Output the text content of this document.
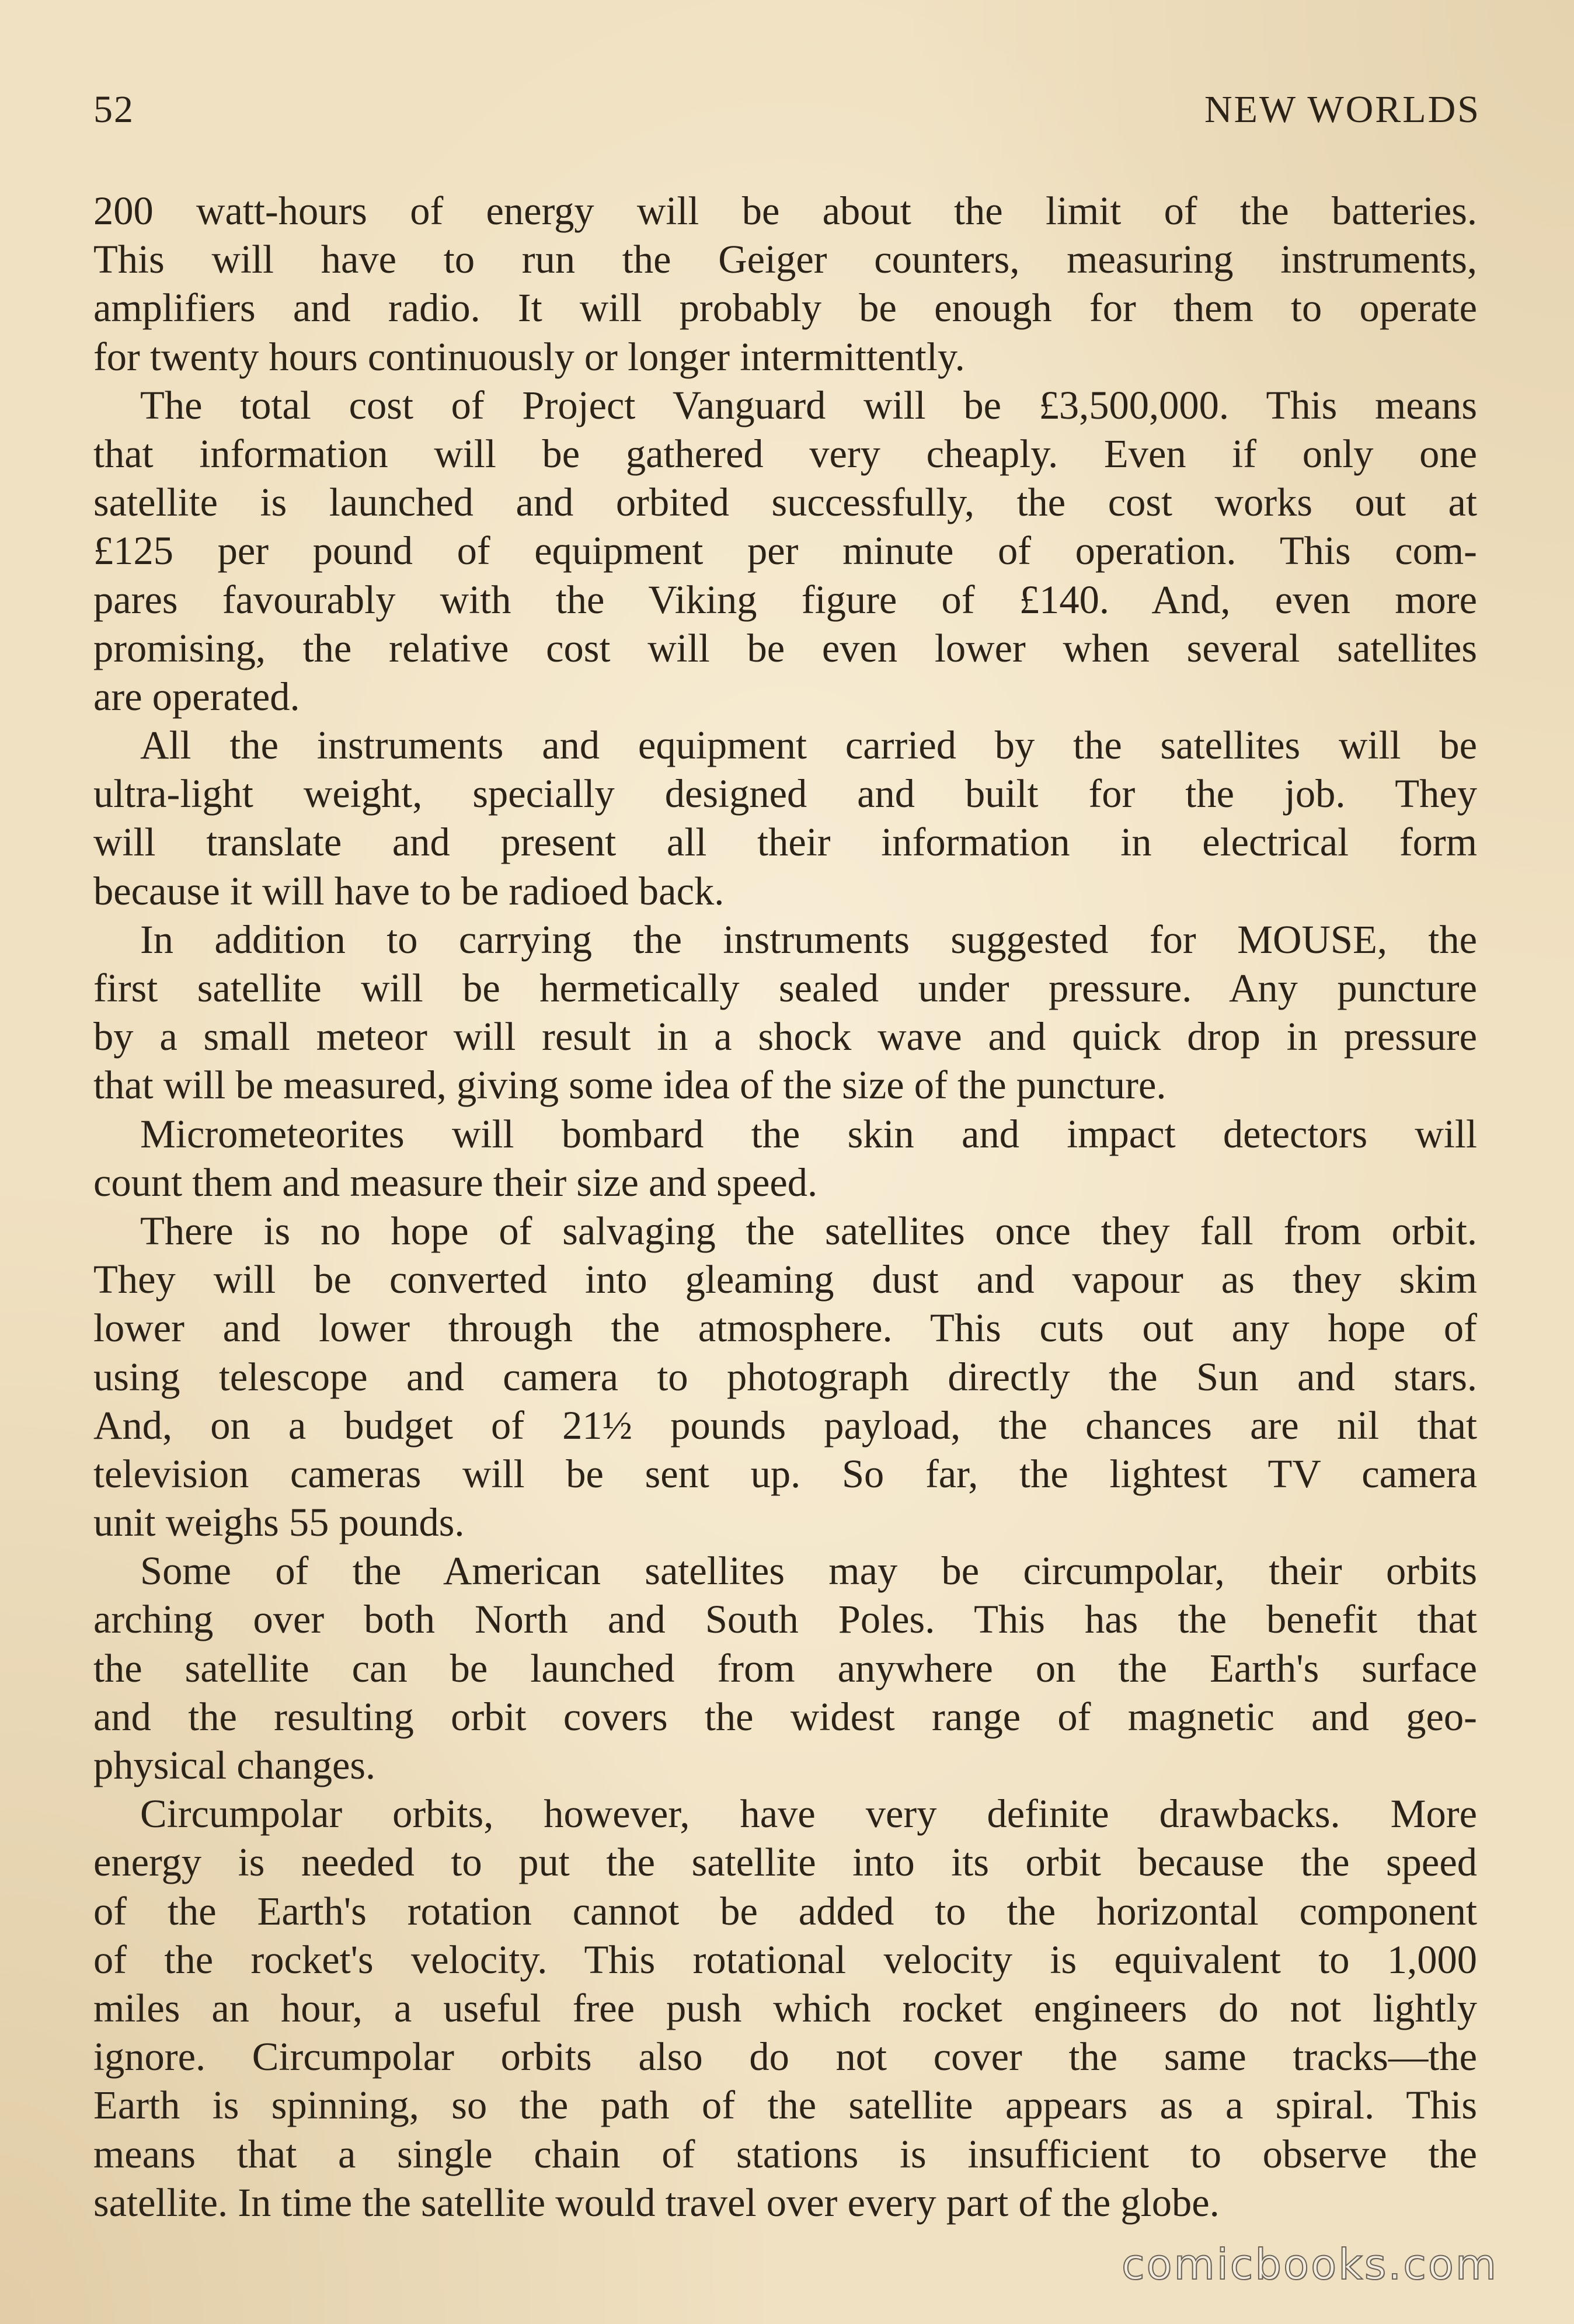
52	NEW WORLDS
200 watt-hours of energy will be about the limit of the batteries.
This will have to run the Geiger counters, measuring instruments,
amplifiers and radio. It will probably be enough for them to operate
for twenty hours continuously or longer intermittently.
The total cost of Project Vanguard will be £3,500,000. This means
that information will be gathered very cheaply. Even if only one
satellite is launched and orbited successfully, the cost works out at
£125 per pound of equipment per minute of operation. This com-
pares favourably with the Viking figure of £140. And, even more
promising, the relative cost will be even lower when several satellites
are operated.
All the instruments and equipment carried by the satellites will be
ultra-light weight, specially designed and built for the job. They
will translate and present all their information in electrical form
because it will have to be radioed back.
In addition to carrying the instruments suggested for MOUSE, the
first satellite will be hermetically sealed under pressure. Any puncture
by a small meteor will result in a shock wave and quick drop in pressure
that will be measured, giving some idea of the size of the puncture.
Micrometeorites will bombard the skin and impact detectors will
count them and measure their size and speed.
There is no hope of salvaging the satellites once they fall from orbit.
They will be converted into gleaming dust and vapour as they skim
lower and lower through the atmosphere. This cuts out any hope of
using telescope and camera to photograph directly the Sun and stars.
And, on a budget of 21½ pounds payload, the chances are nil that
television cameras will be sent up. So far, the lightest TV camera
unit weighs 55 pounds.
Some of the American satellites may be circumpolar, their orbits
arching over both North and South Poles. This has the benefit that
the satellite can be launched from anywhere on the Earth's surface
and the resulting orbit covers the widest range of magnetic and geo-
physical changes.
Circumpolar orbits, however, have very definite drawbacks. More
energy is needed to put the satellite into its orbit because the speed
of the Earth's rotation cannot be added to the horizontal component
of the rocket's velocity. This rotational velocity is equivalent to 1,000
miles an hour, a useful free push which rocket engineers do not lightly
ignore. Circumpolar orbits also do not cover the same tracks—the
Earth is spinning, so the path of the satellite appears as a spiral. This
means that a single chain of stations is insufficient to observe the
satellite. In time the satellite would travel over every part of the globe.
comicbooks.com
